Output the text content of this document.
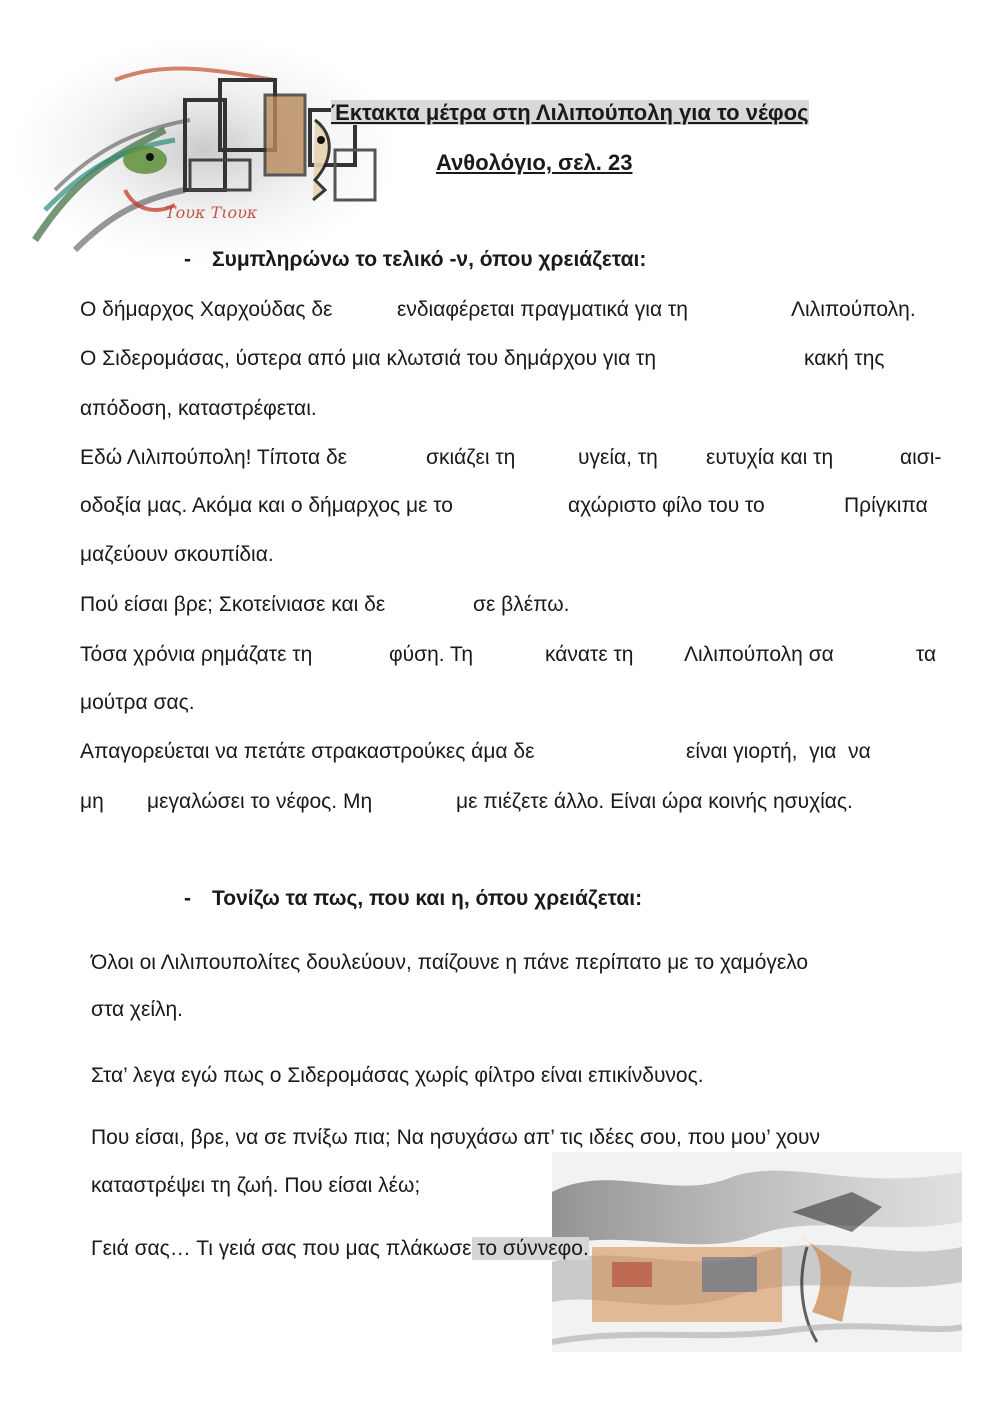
Τουκ Τιουκ
Έκτακτα μέτρα στη Λιλιπούπολη για το νέφος
Ανθολόγιο, σελ. 23
- Συμπληρώνω το τελικό -ν, όπου χρειάζεται:
Ο δήμαρχος Χαρχούδας δε	ενδιαφέρεται πραγματικά για τη	Λιλιπούπολη.
Ο Σιδερομάσας, ύστερα από μια κλωτσιά του δημάρχου για τη	κακή της
απόδοση, καταστρέφεται.
Εδώ Λιλιπούπολη! Τίποτα δε	σκιάζει τη	υγεία, τη ευτυχία και τη	αισι-
οδοξία μας. Ακόμα και ο δήμαρχος με το	αχώριστο φίλο του το	Πρίγκιπα
μαζεύουν σκουπίδια.
Πού είσαι βρε; Σκοτείνιασε και δε	σε βλέπω.
Τόσα χρόνια ρημάζατε τη	φύση. Τη	κάνατε τη Λιλιπούπολη σα	τα
μούτρα σας.
Απαγορεύεται να πετάτε στρακαστρούκες άμα δε	είναι γιορτή,  για  να
μη μεγαλώσει το νέφος. Μη	με πιέζετε άλλο. Είναι ώρα κοινής ησυχίας.
- Τονίζω τα πως, που και η, όπου χρειάζεται:
Όλοι οι Λιλιπουπολίτες δουλεύουν, παίζουνε η πάνε περίπατο με το χαμόγελο
στα χείλη.
Στα’ λεγα εγώ πως ο Σιδερομάσας χωρίς φίλτρο είναι επικίνδυνος.
Που είσαι, βρε, να σε πνίξω πια; Να ησυχάσω απ’ τις ιδέες σου, που μου’ χουν
καταστρέψει τη ζωή. Που είσαι λέω;
Γειά σας… Τι γειά σας που μας πλάκωσε το σύννεφο.
